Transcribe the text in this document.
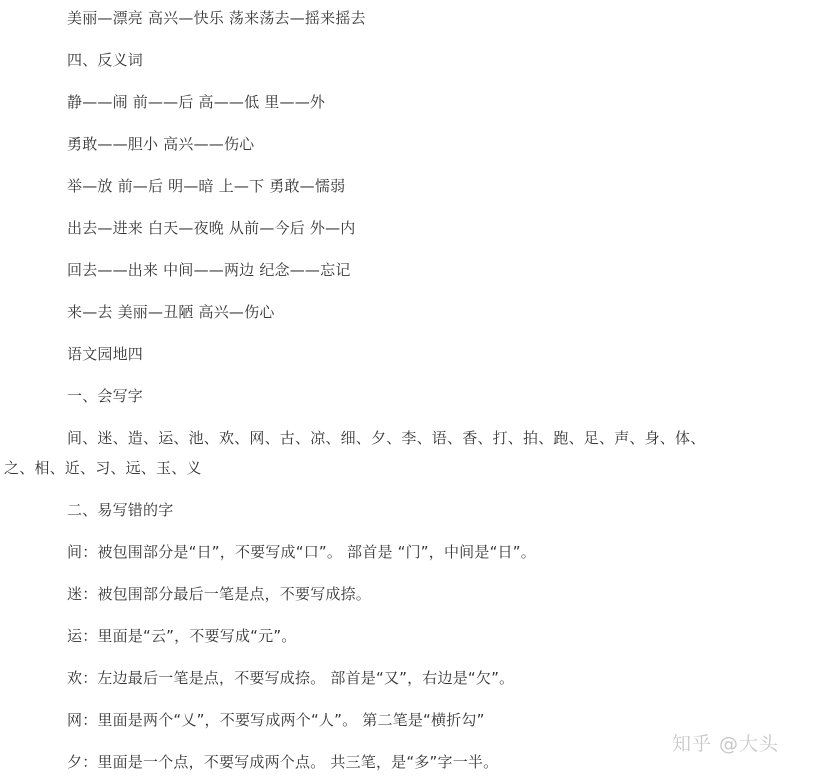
美丽—漂亮 高兴—快乐 荡来荡去—摇来摇去
四、反义词
静——闹 前——后 高——低 里——外
勇敢——胆小 高兴——伤心
举—放 前—后 明—暗 上—下 勇敢—懦弱
出去—进来 白天—夜晚 从前—今后 外—内
回去——出来 中间——两边 纪念——忘记
来—去 美丽—丑陋 高兴—伤心
语文园地四
一、会写字
间、迷、造、运、池、欢、网、古、凉、细、夕、李、语、香、打、拍、跑、足、声、身、体、
之、相、近、习、远、玉、义
二、易写错的字
间：被包围部分是“日”，不要写成“口”。 部首是 “门”，中间是“日”。
迷：被包围部分最后一笔是点，不要写成捺。
运：里面是“云”，不要写成“元”。
欢：左边最后一笔是点，不要写成捺。 部首是“又”，右边是“欠”。
网：里面是两个“乂”，不要写成两个“人”。 第二笔是“横折勾”
夕：里面是一个点，不要写成两个点。 共三笔，是“多”字一半。
知乎 @大头
